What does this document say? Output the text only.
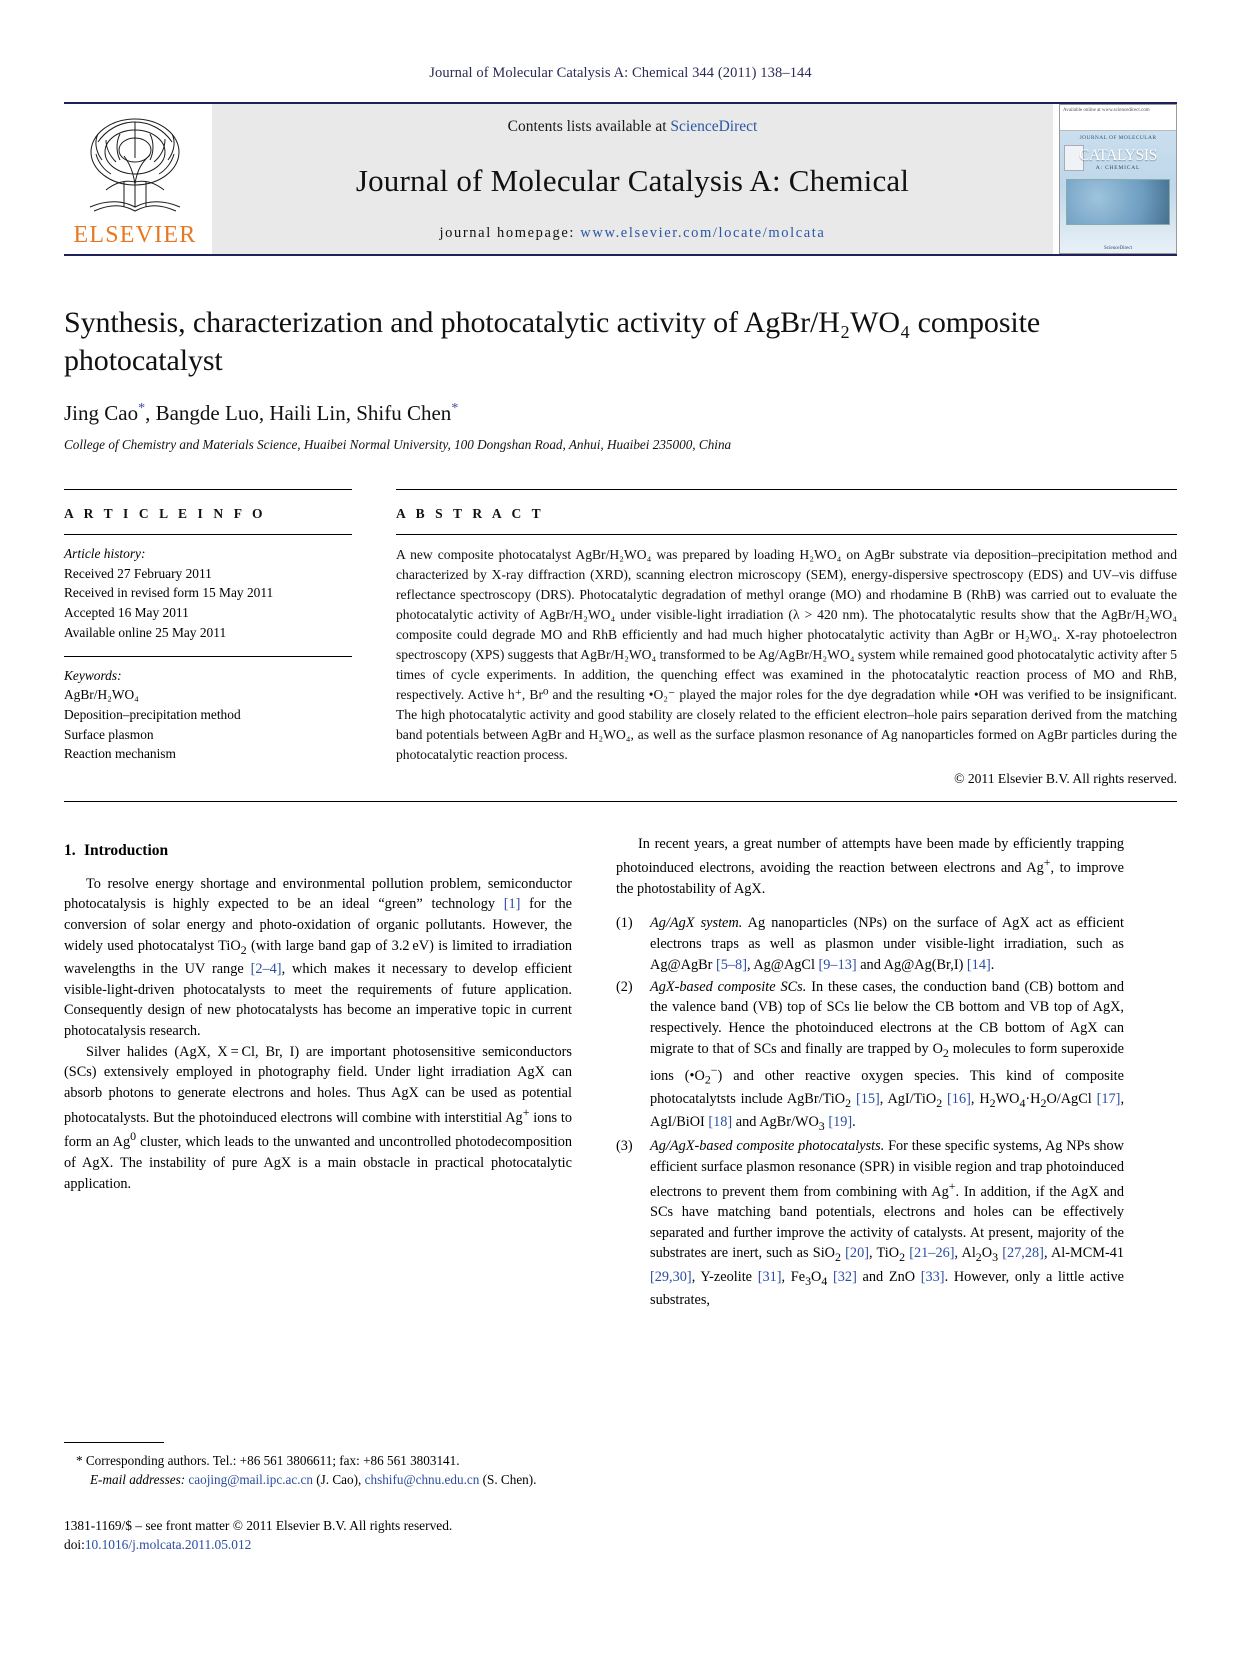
Journal of Molecular Catalysis A: Chemical 344 (2011) 138–144
ELSEVIER
Contents lists available at ScienceDirect
Journal of Molecular Catalysis A: Chemical
journal homepage: www.elsevier.com/locate/molcata
Available online at www.sciencedirect.com
JOURNAL OF MOLECULAR
CATALYSIS
A: CHEMICAL
ScienceDirect
Synthesis, characterization and photocatalytic activity of AgBr/H₂WO₄ composite photocatalyst
Jing Cao*, Bangde Luo, Haili Lin, Shifu Chen*
College of Chemistry and Materials Science, Huaibei Normal University, 100 Dongshan Road, Anhui, Huaibei 235000, China
A R T I C L E I N F O
Article history:
Received 27 February 2011
Received in revised form 15 May 2011
Accepted 16 May 2011
Available online 25 May 2011
Keywords:
AgBr/H₂WO₄
Deposition–precipitation method
Surface plasmon
Reaction mechanism
A B S T R A C T
A new composite photocatalyst AgBr/H₂WO₄ was prepared by loading H₂WO₄ on AgBr substrate via deposition–precipitation method and characterized by X-ray diffraction (XRD), scanning electron microscopy (SEM), energy-dispersive spectroscopy (EDS) and UV–vis diffuse reflectance spectroscopy (DRS). Photocatalytic degradation of methyl orange (MO) and rhodamine B (RhB) was carried out to evaluate the photocatalytic activity of AgBr/H₂WO₄ under visible-light irradiation (λ > 420 nm). The photocatalytic results show that the AgBr/H₂WO₄ composite could degrade MO and RhB efficiently and had much higher photocatalytic activity than AgBr or H₂WO₄. X-ray photoelectron spectroscopy (XPS) suggests that AgBr/H₂WO₄ transformed to be Ag/AgBr/H₂WO₄ system while remained good photocatalytic activity after 5 times of cycle experiments. In addition, the quenching effect was examined in the photocatalytic reaction process of MO and RhB, respectively. Active h⁺, Br⁰ and the resulting •O₂⁻ played the major roles for the dye degradation while •OH was verified to be insignificant. The high photocatalytic activity and good stability are closely related to the efficient electron–hole pairs separation derived from the matching band potentials between AgBr and H₂WO₄, as well as the surface plasmon resonance of Ag nanoparticles formed on AgBr particles during the photocatalytic reaction process.
© 2011 Elsevier B.V. All rights reserved.
1. Introduction

To resolve energy shortage and environmental pollution problem, semiconductor photocatalysis is highly expected to be an ideal “green” technology [1] for the conversion of solar energy and photo-oxidation of organic pollutants. However, the widely used photocatalyst TiO$_2$ (with large band gap of 3.2 eV) is limited to irradiation wavelengths in the UV range [2–4], which makes it necessary to develop efficient visible-light-driven photocatalysts to meet the requirements of future application. Consequently design of new photocatalysts has become an imperative topic in current photocatalysis research.

Silver halides (AgX, X = Cl, Br, I) are important photosensitive semiconductors (SCs) extensively employed in photography field. Under light irradiation AgX can absorb photons to generate electrons and holes. Thus AgX can be used as potential photocatalysts. But the photoinduced electrons will combine with interstitial Ag+ ions to form an Ag$^0$ cluster, which leads to the unwanted and uncontrolled photodecomposition of AgX. The instability of pure AgX is a main obstacle in practical photocatalytic application.

In recent years, a great number of attempts have been made by efficiently trapping photoinduced electrons, avoiding the reaction between electrons and Ag+, to improve the photostability of AgX.

(1)	Ag/AgX system. Ag nanoparticles (NPs) on the surface of AgX act as efficient electrons traps as well as plasmon under visible-light irradiation, such as Ag@AgBr [5–8], Ag@AgCl [9–13] and Ag@Ag(Br,I) [14].
(2)	AgX-based composite SCs. In these cases, the conduction band (CB) bottom and the valence band (VB) top of SCs lie below the CB bottom and VB top of AgX, respectively. Hence the photoinduced electrons at the CB bottom of AgX can migrate to that of SCs and finally are trapped by $O_2$ molecules to form superoxide ions $(•O_2^-)$ and other reactive oxygen species. This kind of composite photocatalytsts include AgBr/TiO$_2$ [15], AgI/TiO$_2$ [16], $H_2WO_4\cdot H_2O$/AgCl [17], AgI/BiOI [18] and AgBr/$WO_3$ [19].
(3)	Ag/AgX-based composite photocatalysts. For these specific systems, Ag NPs show efficient surface plasmon resonance (SPR) in visible region and trap photoinduced electrons to prevent them from combining with Ag+. In addition, if the AgX and SCs have matching band potentials, electrons and holes can be effectively separated and further improve the activity of catalysts. At present, majority of the substrates are inert, such as SiO$_2$ [20], TiO$_2$ [21–26], $Al_2O_3$ [27,28], Al-MCM-41 [29,30], Y-zeolite [31], $Fe_3O_4$ [32] and ZnO [33]. However, only a little active substrates,
* Corresponding authors. Tel.: +86 561 3806611; fax: +86 561 3803141.
E-mail addresses: caojing@mail.ipc.ac.cn (J. Cao), chshifu@chnu.edu.cn (S. Chen).
1381-1169/$ – see front matter © 2011 Elsevier B.V. All rights reserved.
doi:10.1016/j.molcata.2011.05.012
